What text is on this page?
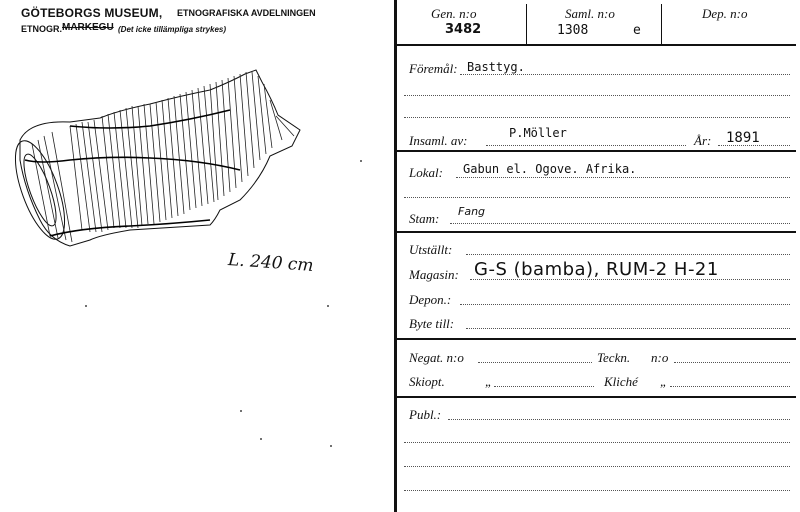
GÖTEBORGS MUSEUM, ETNOGRAFISKA AVDELNINGEN
ETNOGR. MARKEGU (Det icke tillämpliga strykes)
L. 240 cm
Gen. n:o
3482
Saml. n:o
1308	e
Dep. n:o
Föremål: Basttyg.
Insaml. av:	P.Möller	År: 1891
Lokal: Gabun el. Ogove. Afrika.
Stam: Fang
Utställt:
Magasin: G-S (bamba), RUM-2 H-21
Depon.:
Byte till:
Negat. n:o	Teckn. n:o
Skiopt.	„	Kliché „
Publ.:
